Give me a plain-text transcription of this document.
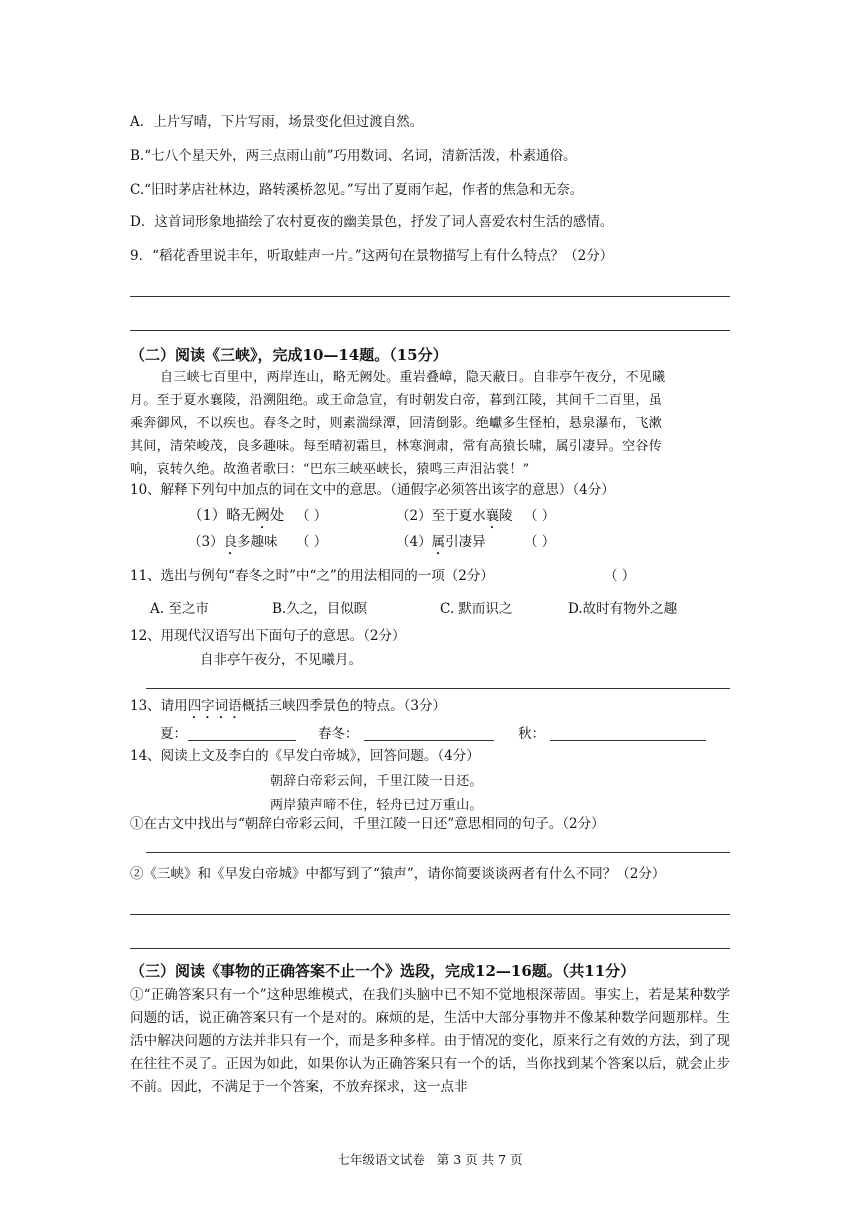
A．上片写晴，下片写雨，场景变化但过渡自然。
B.“七八个星天外，两三点雨山前”巧用数词、名词，清新活泼，朴素通俗。
C.“旧时茅店社林边，路转溪桥忽见。”写出了夏雨乍起，作者的焦急和无奈。
D．这首词形象地描绘了农村夏夜的幽美景色，抒发了词人喜爱农村生活的感情。
9．“稻花香里说丰年，听取蛙声一片。”这两句在景物描写上有什么特点？（2分）
（二）阅读《三峡》，完成10—14题。（15分）
自三峡七百里中，两岸连山，略无阙处。重岩叠嶂，隐天蔽日。自非亭午夜分，不见曦
月。至于夏水襄陵，沿溯阻绝。或王命急宣，有时朝发白帝，暮到江陵，其间千二百里，虽
乘奔御风，不以疾也。春冬之时，则素湍绿潭，回清倒影。绝巘多生怪柏，悬泉瀑布，飞漱
其间，清荣峻茂，良多趣味。每至晴初霜旦，林寒涧肃，常有高猿长啸，属引凄异。空谷传
响，哀转久绝。故渔者歌曰：“巴东三峡巫峡长，猿鸣三声泪沾裳！”
10、解释下列句中加点的词在文中的意思。（通假字必须答出该字的意思）（4分）
（1）略无阙处 （ ）	（2）至于夏水襄陵 （ ）
（3）良多趣味 （ ）	（4）属引凄异	（ ）
11、选出与例句“春冬之时”中“之”的用法相同的一项（2分）	（ ）
A. 至之市	B.久之，目似瞑	C. 默而识之	D.故时有物外之趣
12、用现代汉语写出下面句子的意思。（2分）
自非亭午夜分，不见曦月。
13、请用四字词语概括三峡四季景色的特点。（3分）
夏：	春冬：	秋：
14、阅读上文及李白的《早发白帝城》，回答问题。（4分）
朝辞白帝彩云间，千里江陵一日还。
两岸猿声啼不住，轻舟已过万重山。
①在古文中找出与“朝辞白帝彩云间，千里江陵一日还”意思相同的句子。（2分）
②《三峡》和《早发白帝城》中都写到了“猿声”，请你简要谈谈两者有什么不同？（2分）
（三）阅读《事物的正确答案不止一个》选段，完成12—16题。（共11分）
①“正确答案只有一个”这种思维模式，在我们头脑中已不知不觉地根深蒂固。事实上，若是某种数学问题的话，说正确答案只有一个是对的。麻烦的是，生活中大部分事物并不像某种数学问题那样。生活中解决问题的方法并非只有一个，而是多种多样。由于情况的变化，原来行之有效的方法，到了现在往往不灵了。正因为如此，如果你认为正确答案只有一个的话，当你找到某个答案以后，就会止步不前。因此，不满足于一个答案，不放弃探求，这一点非
七年级语文试卷   第 3 页 共 7 页
